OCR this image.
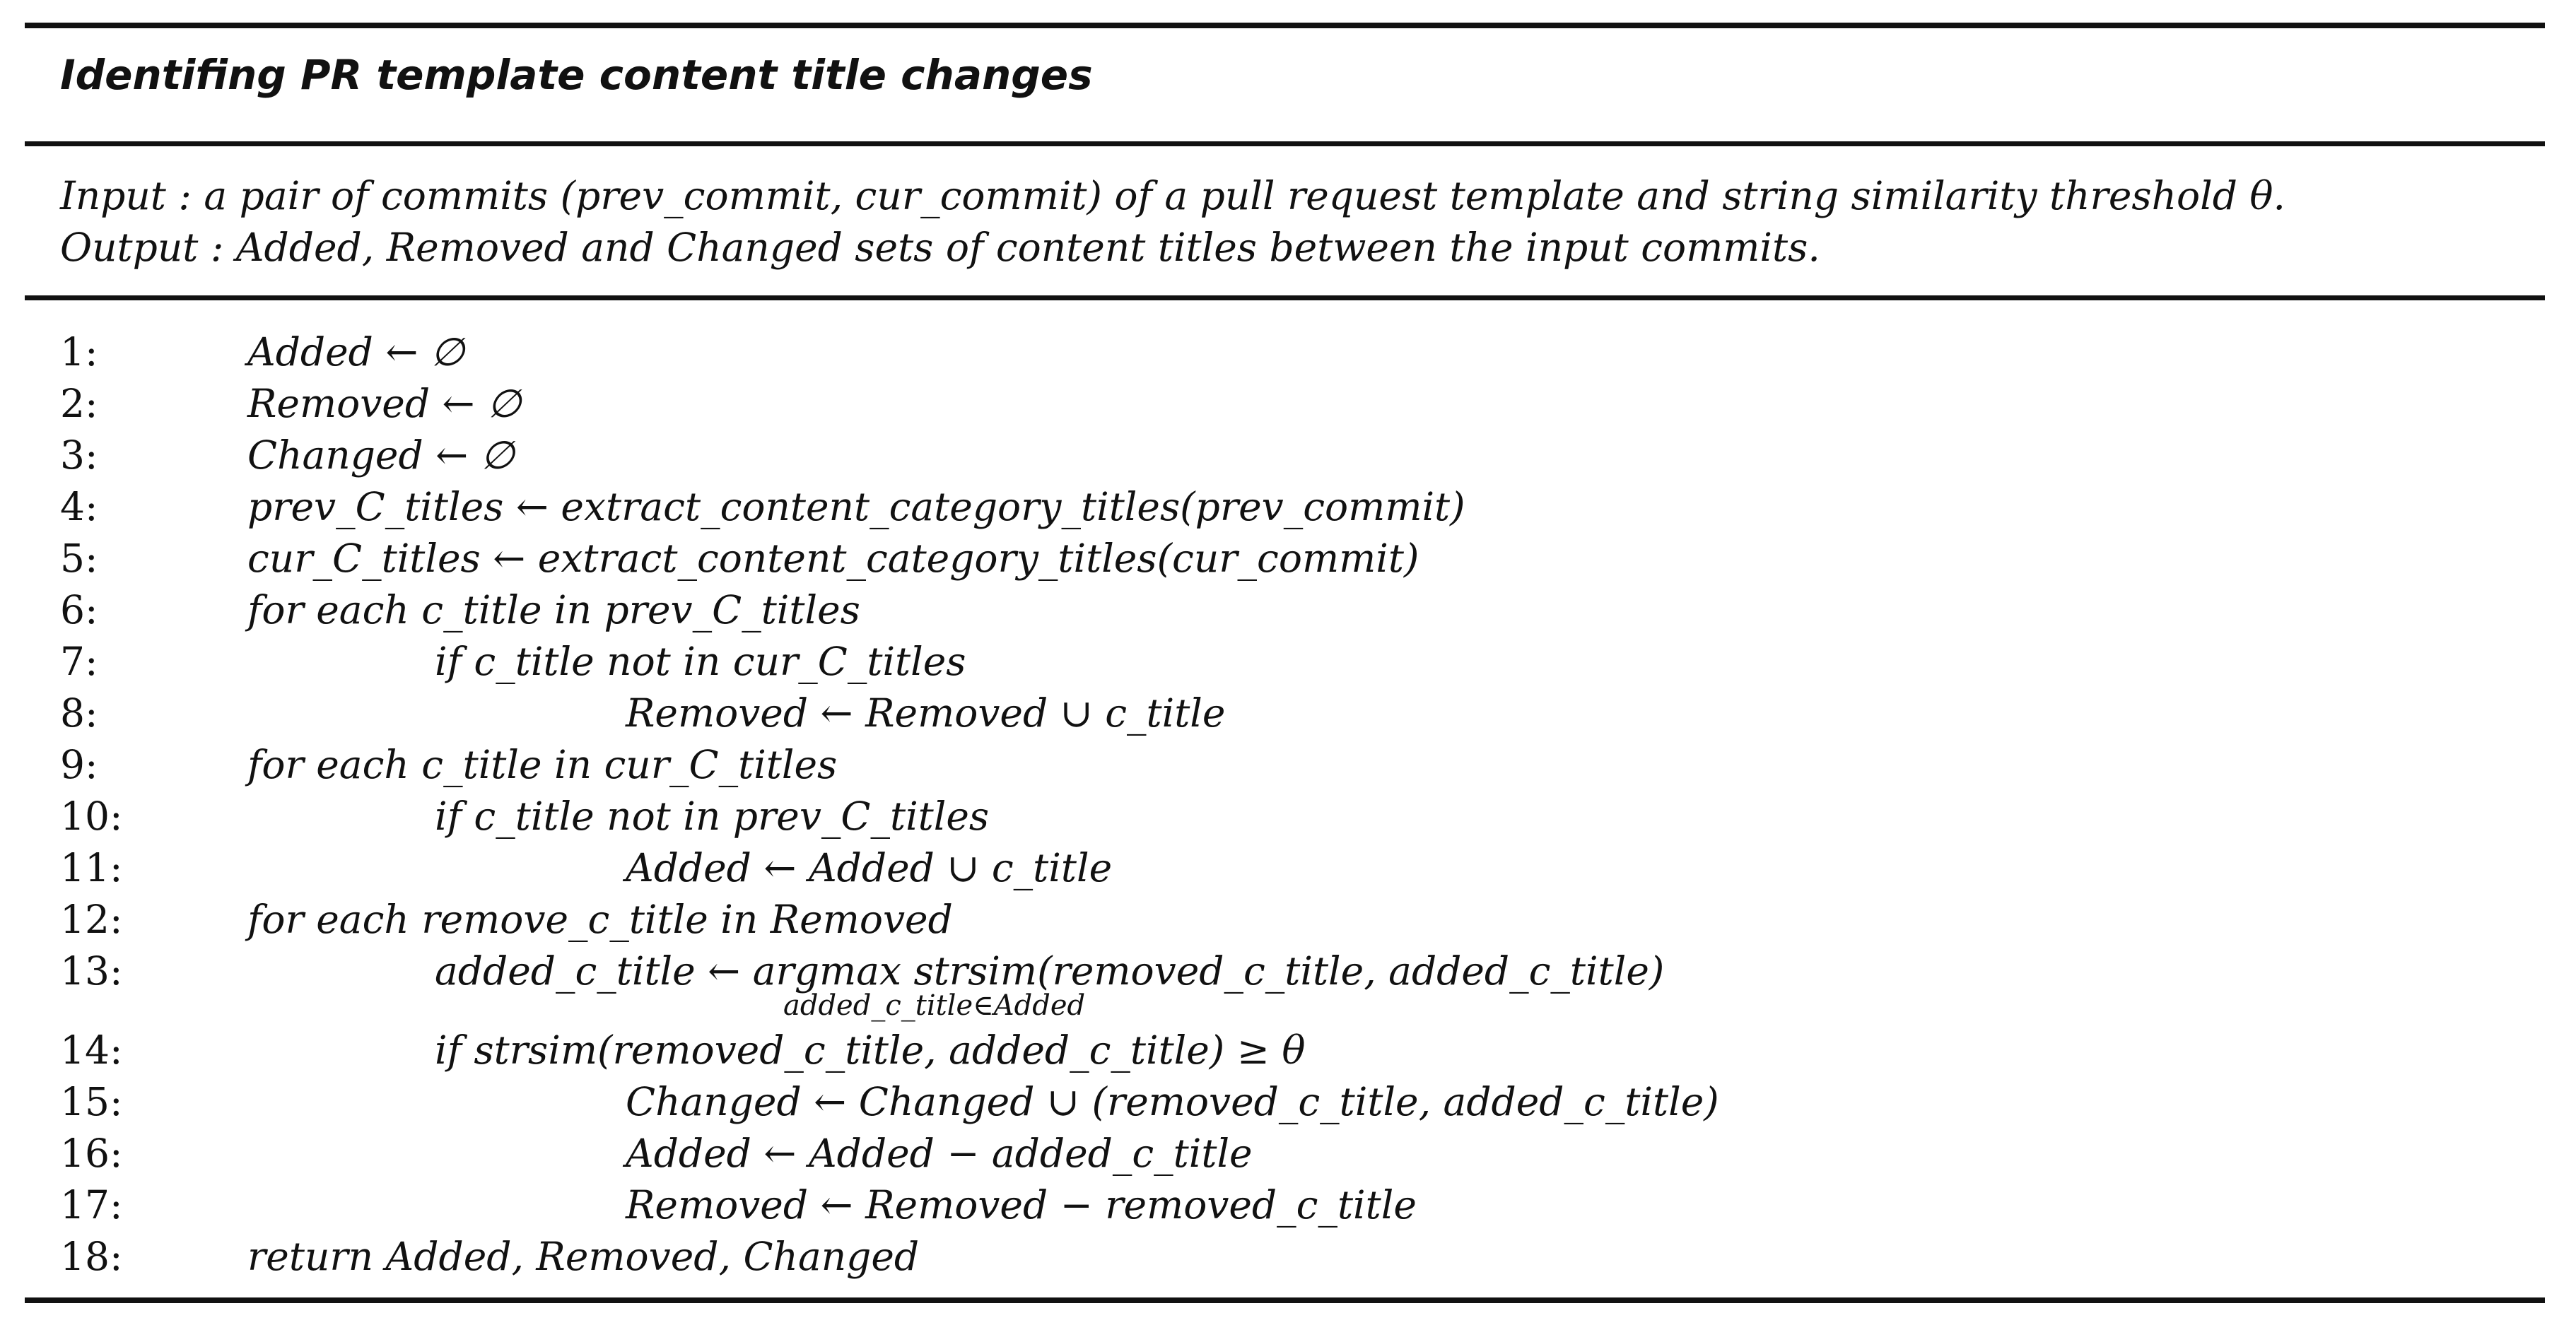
Identifing PR template content title changes
Input : a pair of commits (prev_commit, cur_commit) of a pull request template and string similarity threshold θ.
Output : Added, Removed and Changed sets of content titles between the input commits.
1:	Added ← ∅
2:	Removed ← ∅
3:	Changed ← ∅
4:	prev_C_titles ← extract_content_category_titles(prev_commit)
5:	cur_C_titles ← extract_content_category_titles(cur_commit)
6:	for each c_title in prev_C_titles
7:	if c_title not in cur_C_titles
8:	Removed ← Removed ∪ c_title
9:	for each c_title in cur_C_titles
10:	if c_title not in prev_C_titles
11:	Added ← Added ∪ c_title
12:	for each remove_c_title in Removed
13:	added_c_title ← argmax strsim(removed_c_title, added_c_title)
added_c_title∈Added
14:	if strsim(removed_c_title, added_c_title) ≥ θ
15:	Changed ← Changed ∪ (removed_c_title, added_c_title)
16:	Added ← Added − added_c_title
17:	Removed ← Removed − removed_c_title
18:	return Added, Removed, Changed
